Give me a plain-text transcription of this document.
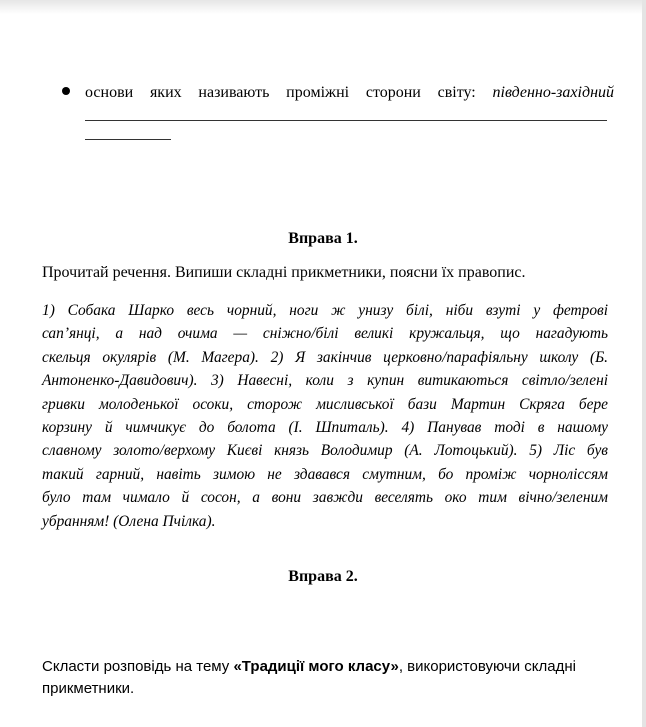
основи яких називають проміжні сторони світу: південно-західний
Вправа 1.
Прочитай речення. Випиши складні прикметники, поясни їх правопис.
1) Собака Шарко весь чорний, ноги ж унизу білі, ніби взуті у фетрові
сап’янці, а над очима — сніжно/білі великі кружальця, що нагадують
скельця окулярів (М. Магера). 2) Я закінчив церковно/парафіяльну школу (Б.
Антоненко-Давидович). 3) Навесні, коли з купин витикаються світло/зелені
гривки молоденької осоки, сторож мисливської бази Мартин Скряга бере
корзину й чимчикує до болота (І. Шпиталь). 4) Панував тоді в нашому
славному золото/верхому Києві князь Володимир (А. Лотоцький). 5) Ліс був
такий гарний, навіть зимою не здавався смутним, бо проміж чорноліссям
було там чимало й сосон, а вони завжди веселять око тим вічно/зеленим
убранням! (Олена Пчілка).
Вправа 2.
Скласти розповідь на тему «Традиції мого класу», використовуючи складні
прикметники.
